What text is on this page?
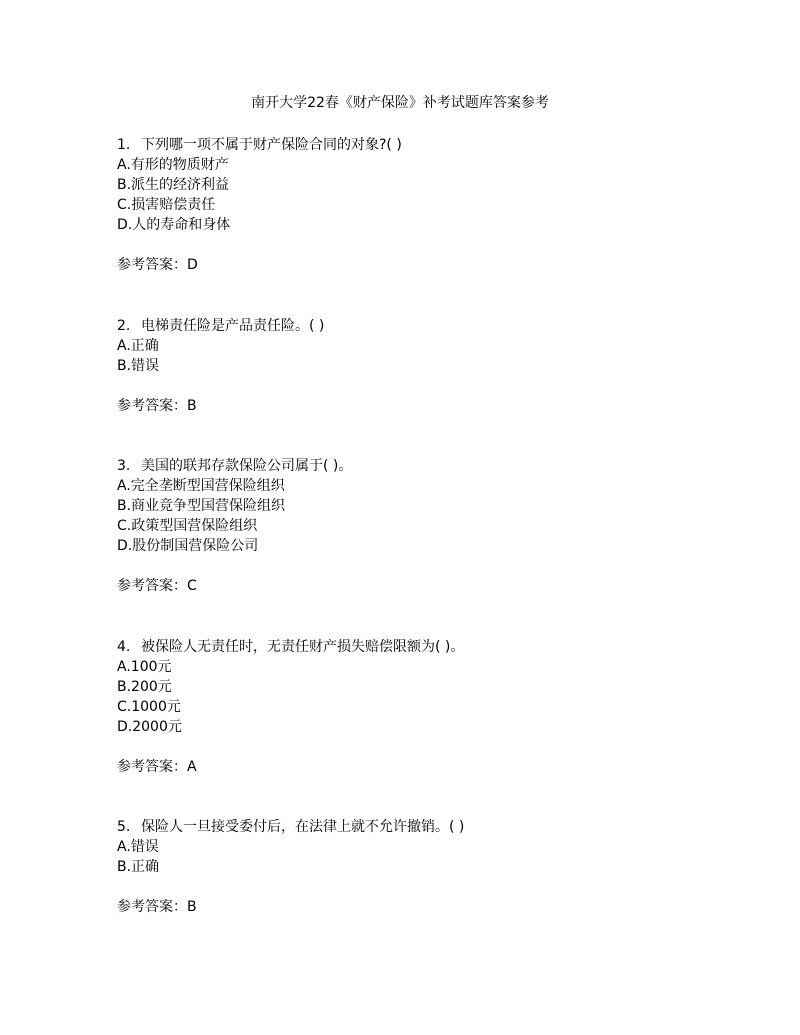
南开大学22春《财产保险》补考试题库答案参考
1. 下列哪一项不属于财产保险合同的对象?( )
A.有形的物质财产
B.派生的经济利益
C.损害赔偿责任
D.人的寿命和身体
参考答案：D
2. 电梯责任险是产品责任险。( )
A.正确
B.错误
参考答案：B
3. 美国的联邦存款保险公司属于( )。
A.完全垄断型国营保险组织
B.商业竞争型国营保险组织
C.政策型国营保险组织
D.股份制国营保险公司
参考答案：C
4. 被保险人无责任时，无责任财产损失赔偿限额为( )。
A.100元
B.200元
C.1000元
D.2000元
参考答案：A
5. 保险人一旦接受委付后，在法律上就不允许撤销。( )
A.错误
B.正确
参考答案：B
